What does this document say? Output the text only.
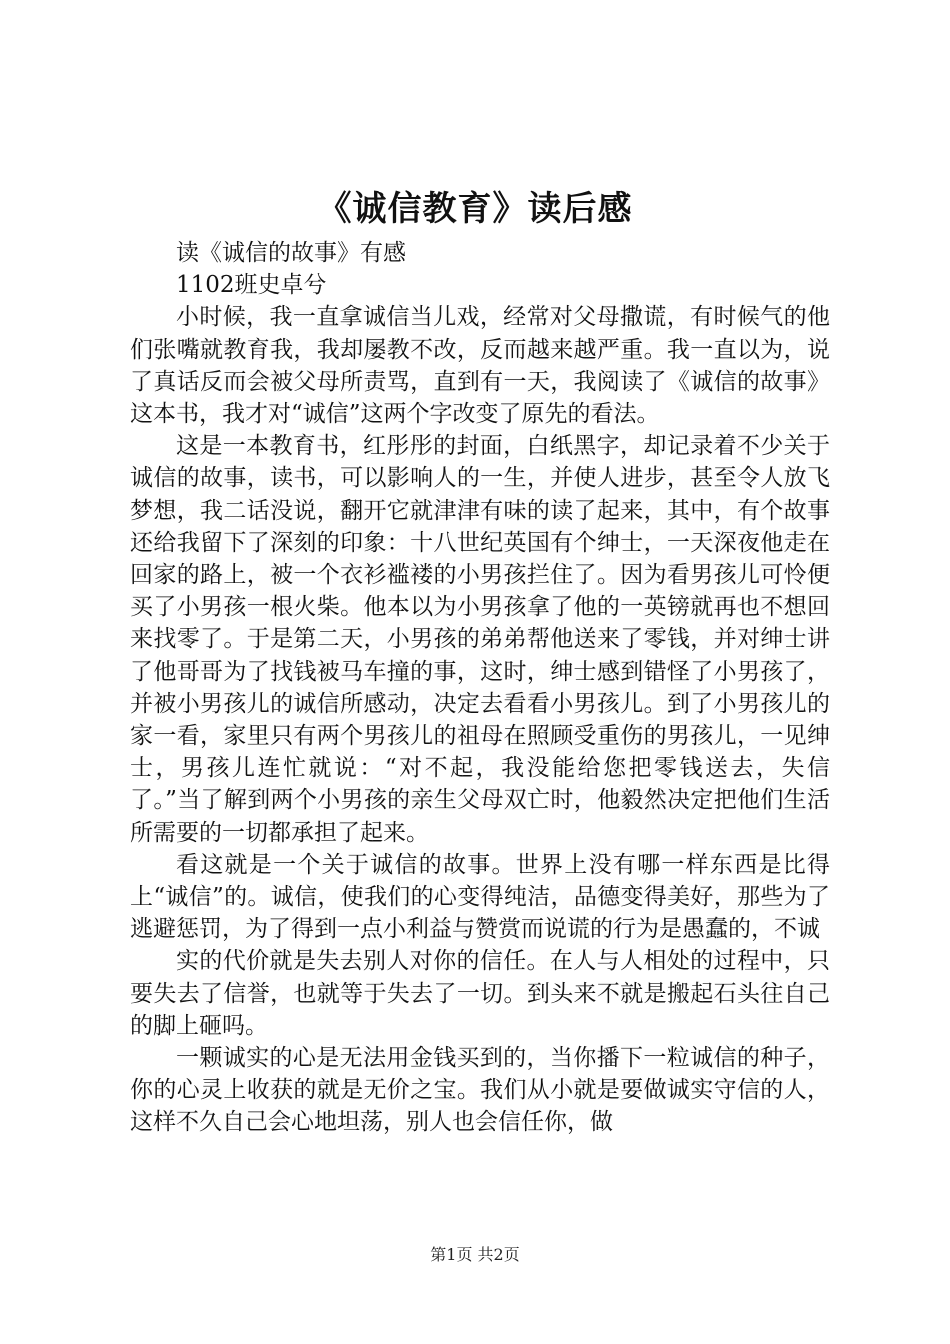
《诚信教育》读后感

读《诚信的故事》有感

1102班史卓兮

小时候，我一直拿诚信当儿戏，经常对父母撒谎，有时候气的他们张嘴就教育我，我却屡教不改，反而越来越严重。我一直以为，说了真话反而会被父母所责骂，直到有一天，我阅读了《诚信的故事》这本书，我才对“诚信”这两个字改变了原先的看法。

这是一本教育书，红彤彤的封面，白纸黑字，却记录着不少关于诚信的故事，读书，可以影响人的一生，并使人进步，甚至令人放飞梦想，我二话没说，翻开它就津津有味的读了起来，其中，有个故事还给我留下了深刻的印象：十八世纪英国有个绅士，一天深夜他走在回家的路上，被一个衣衫褴褛的小男孩拦住了。因为看男孩儿可怜便买了小男孩一根火柴。他本以为小男孩拿了他的一英镑就再也不想回来找零了。于是第二天，小男孩的弟弟帮他送来了零钱，并对绅士讲了他哥哥为了找钱被马车撞的事，这时，绅士感到错怪了小男孩了，并被小男孩儿的诚信所感动，决定去看看小男孩儿。到了小男孩儿的家一看，家里只有两个男孩儿的祖母在照顾受重伤的男孩儿，一见绅士，男孩儿连忙就说：“对不起，我没能给您把零钱送去，失信了。”当了解到两个小男孩的亲生父母双亡时，他毅然决定把他们生活所需要的一切都承担了起来。

看这就是一个关于诚信的故事。世界上没有哪一样东西是比得上“诚信”的。诚信，使我们的心变得纯洁，品德变得美好，那些为了逃避惩罚，为了得到一点小利益与赞赏而说谎的行为是愚蠢的，不诚

实的代价就是失去别人对你的信任。在人与人相处的过程中，只要失去了信誉，也就等于失去了一切。到头来不就是搬起石头往自己的脚上砸吗。

一颗诚实的心是无法用金钱买到的，当你播下一粒诚信的种子，你的心灵上收获的就是无价之宝。我们从小就是要做诚实守信的人，这样不久自己会心地坦荡，别人也会信任你，做

第1页 共2页
